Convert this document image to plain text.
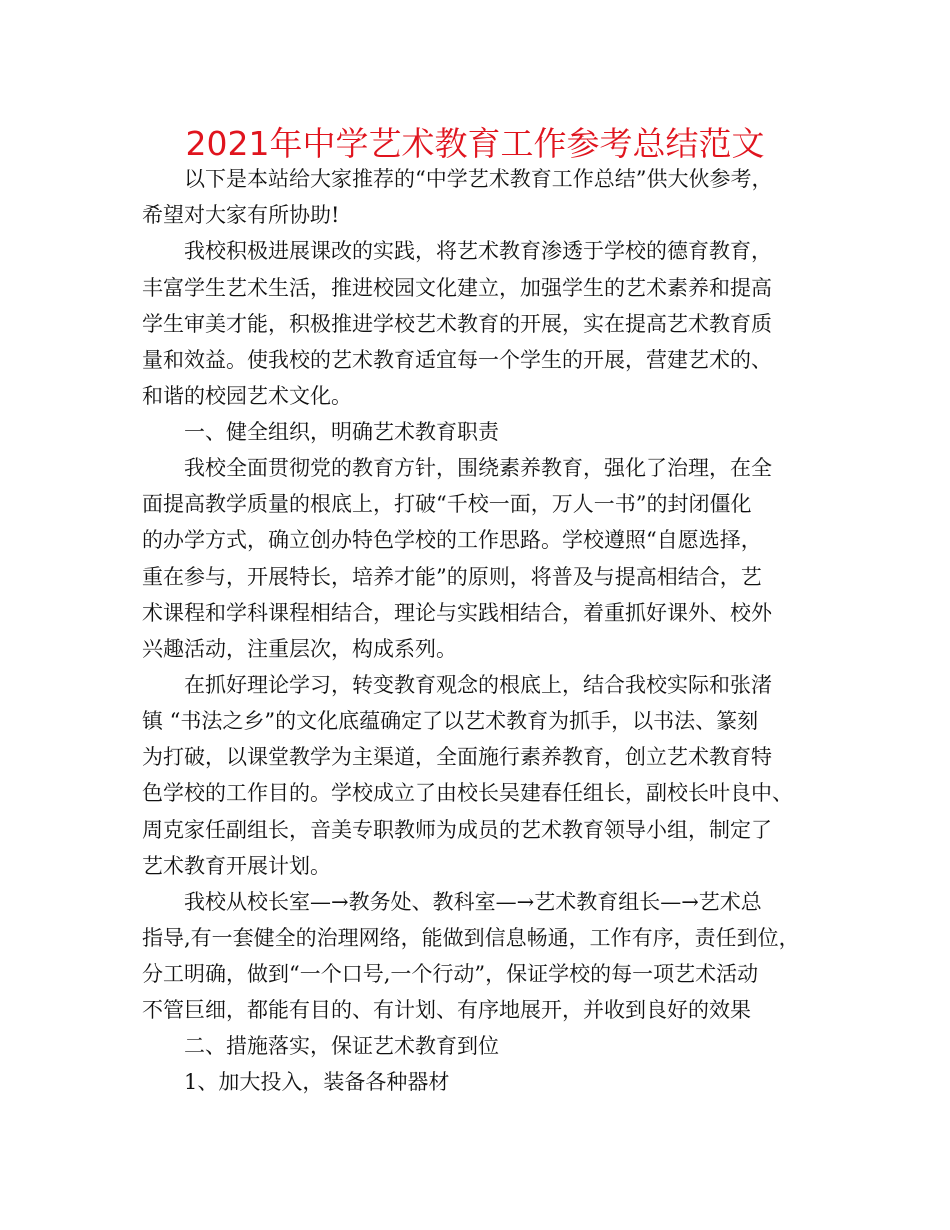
2021年中学艺术教育工作参考总结范文

　　以下是本站给大家推荐的“中学艺术教育工作总结”供大伙参考，

希望对大家有所协助!

　　我校积极进展课改的实践，将艺术教育渗透于学校的德育教育，

丰富学生艺术生活，推进校园文化建立，加强学生的艺术素养和提高

学生审美才能，积极推进学校艺术教育的开展，实在提高艺术教育质

量和效益。使我校的艺术教育适宜每一个学生的开展，营建艺术的、

和谐的校园艺术文化。

　　一、健全组织，明确艺术教育职责

　　我校全面贯彻党的教育方针，围绕素养教育，强化了治理，在全

面提高教学质量的根底上，打破“千校一面，万人一书”的封闭僵化

的办学方式，确立创办特色学校的工作思路。学校遵照“自愿选择，

重在参与，开展特长，培养才能”的原则，将普及与提高相结合，艺

术课程和学科课程相结合，理论与实践相结合，着重抓好课外、校外

兴趣活动，注重层次，构成系列。

　　在抓好理论学习，转变教育观念的根底上，结合我校实际和张渚

镇 “书法之乡”的文化底蕴确定了以艺术教育为抓手，以书法、篆刻

为打破，以课堂教学为主渠道，全面施行素养教育，创立艺术教育特

色学校的工作目的。学校成立了由校长吴建春任组长，副校长叶良中、

周克家任副组长，音美专职教师为成员的艺术教育领导小组，制定了

艺术教育开展计划。

　　我校从校长室—→教务处、教科室—→艺术教育组长—→艺术总

指导,有一套健全的治理网络，能做到信息畅通，工作有序，责任到位，

分工明确，做到“一个口号,一个行动”，保证学校的每一项艺术活动

不管巨细，都能有目的、有计划、有序地展开，并收到良好的效果

　　二、措施落实，保证艺术教育到位

　　1、加大投入，装备各种器材
